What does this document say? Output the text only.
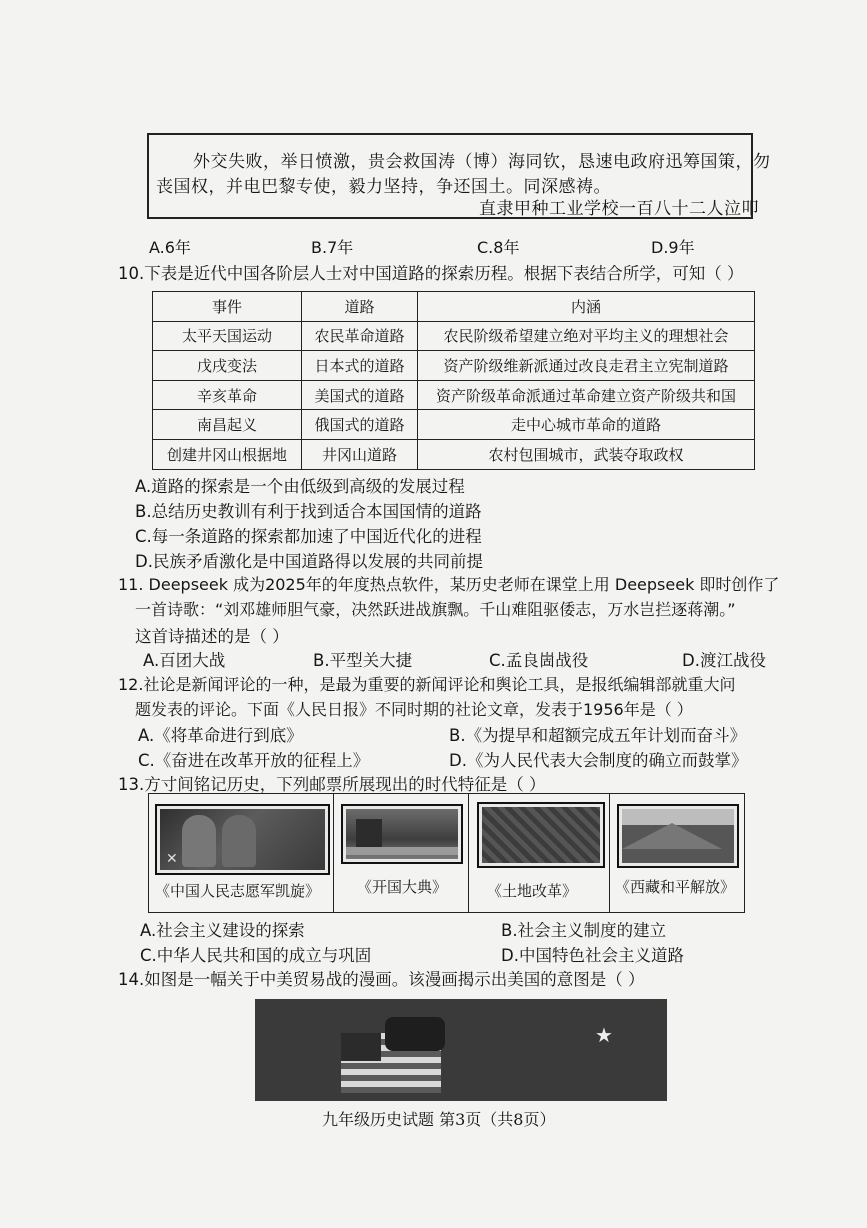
外交失败，举日愤激，贵会救国涛（博）海同钦，恳速电政府迅筹国策，勿
丧国权，并电巴黎专使，毅力坚持，争还国土。同深感祷。
直隶甲种工业学校一百八十二人泣叩
A.6年	B.7年	C.8年	D.9年
10.下表是近代中国各阶层人士对中国道路的探索历程。根据下表结合所学，可知（ ）
事件	道路	内涵
太平天国运动	农民革命道路	农民阶级希望建立绝对平均主义的理想社会
戊戌变法	日本式的道路	资产阶级维新派通过改良走君主立宪制道路
辛亥革命	美国式的道路	资产阶级革命派通过革命建立资产阶级共和国
南昌起义	俄国式的道路	走中心城市革命的道路
创建井冈山根据地	井冈山道路	农村包围城市，武装夺取政权
A.道路的探索是一个由低级到高级的发展过程
B.总结历史教训有利于找到适合本国国情的道路
C.每一条道路的探索都加速了中国近代化的进程
D.民族矛盾激化是中国道路得以发展的共同前提
11. Deepseek 成为2025年的年度热点软件，某历史老师在课堂上用 Deepseek 即时创作了
一首诗歌：“刘邓雄师胆气豪，决然跃进战旗飘。千山难阻驱倭志，万水岂拦逐蒋潮。”
这首诗描述的是（ ）
A.百团大战	B.平型关大捷	C.孟良崮战役	D.渡江战役
12.社论是新闻评论的一种，是最为重要的新闻评论和舆论工具，是报纸编辑部就重大问
题发表的评论。下面《人民日报》不同时期的社论文章，发表于1956年是（ ）
A.《将革命进行到底》	B.《为提早和超额完成五年计划而奋斗》
C.《奋进在改革开放的征程上》	D.《为人民代表大会制度的确立而鼓掌》
13.方寸间铭记历史，下列邮票所展现出的时代特征是（ ）
✕
《中国人民志愿军凯旋》 《开国大典》	《土地改革》	《西藏和平解放》
A.社会主义建设的探索	B.社会主义制度的建立
C.中华人民共和国的成立与巩固	D.中国特色社会主义道路
14.如图是一幅关于中美贸易战的漫画。该漫画揭示出美国的意图是（ ）
★
九年级历史试题 第3页（共8页）
